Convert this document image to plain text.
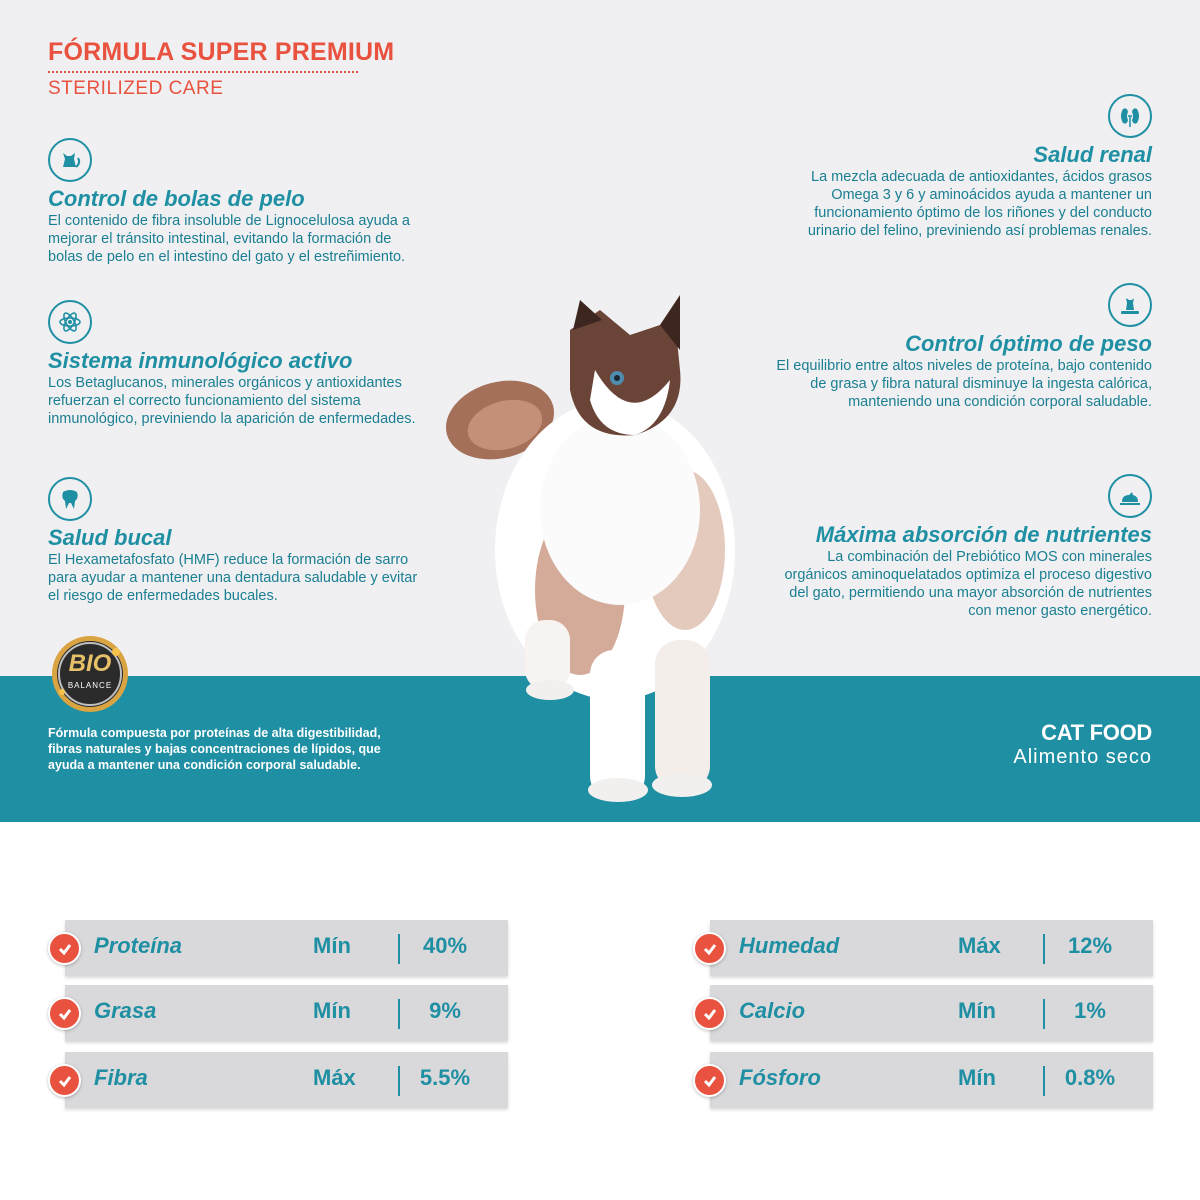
FÓRMULA SUPER PREMIUM
STERILIZED CARE
Control de bolas de pelo
El contenido de fibra insoluble de Lignocelulosa ayuda a mejorar el tránsito intestinal, evitando la formación de bolas de pelo en el intestino del gato y el estreñimiento.
Sistema inmunológico activo
Los Betaglucanos, minerales orgánicos y antioxidantes refuerzan el correcto funcionamiento del sistema inmunológico, previniendo la aparición de enfermedades.
Salud bucal
El Hexametafosfato (HMF) reduce la formación de sarro para ayudar a mantener una dentadura saludable y evitar el riesgo de enfermedades bucales.
Salud renal
La mezcla adecuada de antioxidantes, ácidos grasos Omega 3 y 6 y aminoácidos ayuda a mantener un funcionamiento óptimo de los riñones y del conducto urinario del felino, previniendo así problemas renales.
Control óptimo de peso
El equilibrio entre altos niveles de proteína, bajo contenido de grasa y fibra natural disminuye la ingesta calórica, manteniendo una condición corporal saludable.
Máxima absorción de nutrientes
La combinación del Prebiótico MOS con minerales orgánicos aminoquelatados optimiza el proceso digestivo del gato, permitiendo una mayor absorción de nutrientes con menor gasto energético.
BIO
BALANCE
Fórmula compuesta por proteínas de alta digestibilidad, fibras naturales y bajas concentraciones de lípidos, que ayuda a mantener una condición corporal saludable.
CAT FOOD
Alimento seco
Proteína	Mín	40%
Grasa	Mín	9%
Fibra	Máx	5.5%
Humedad	Máx	12%
Calcio	Mín	1%
Fósforo	Mín	0.8%
